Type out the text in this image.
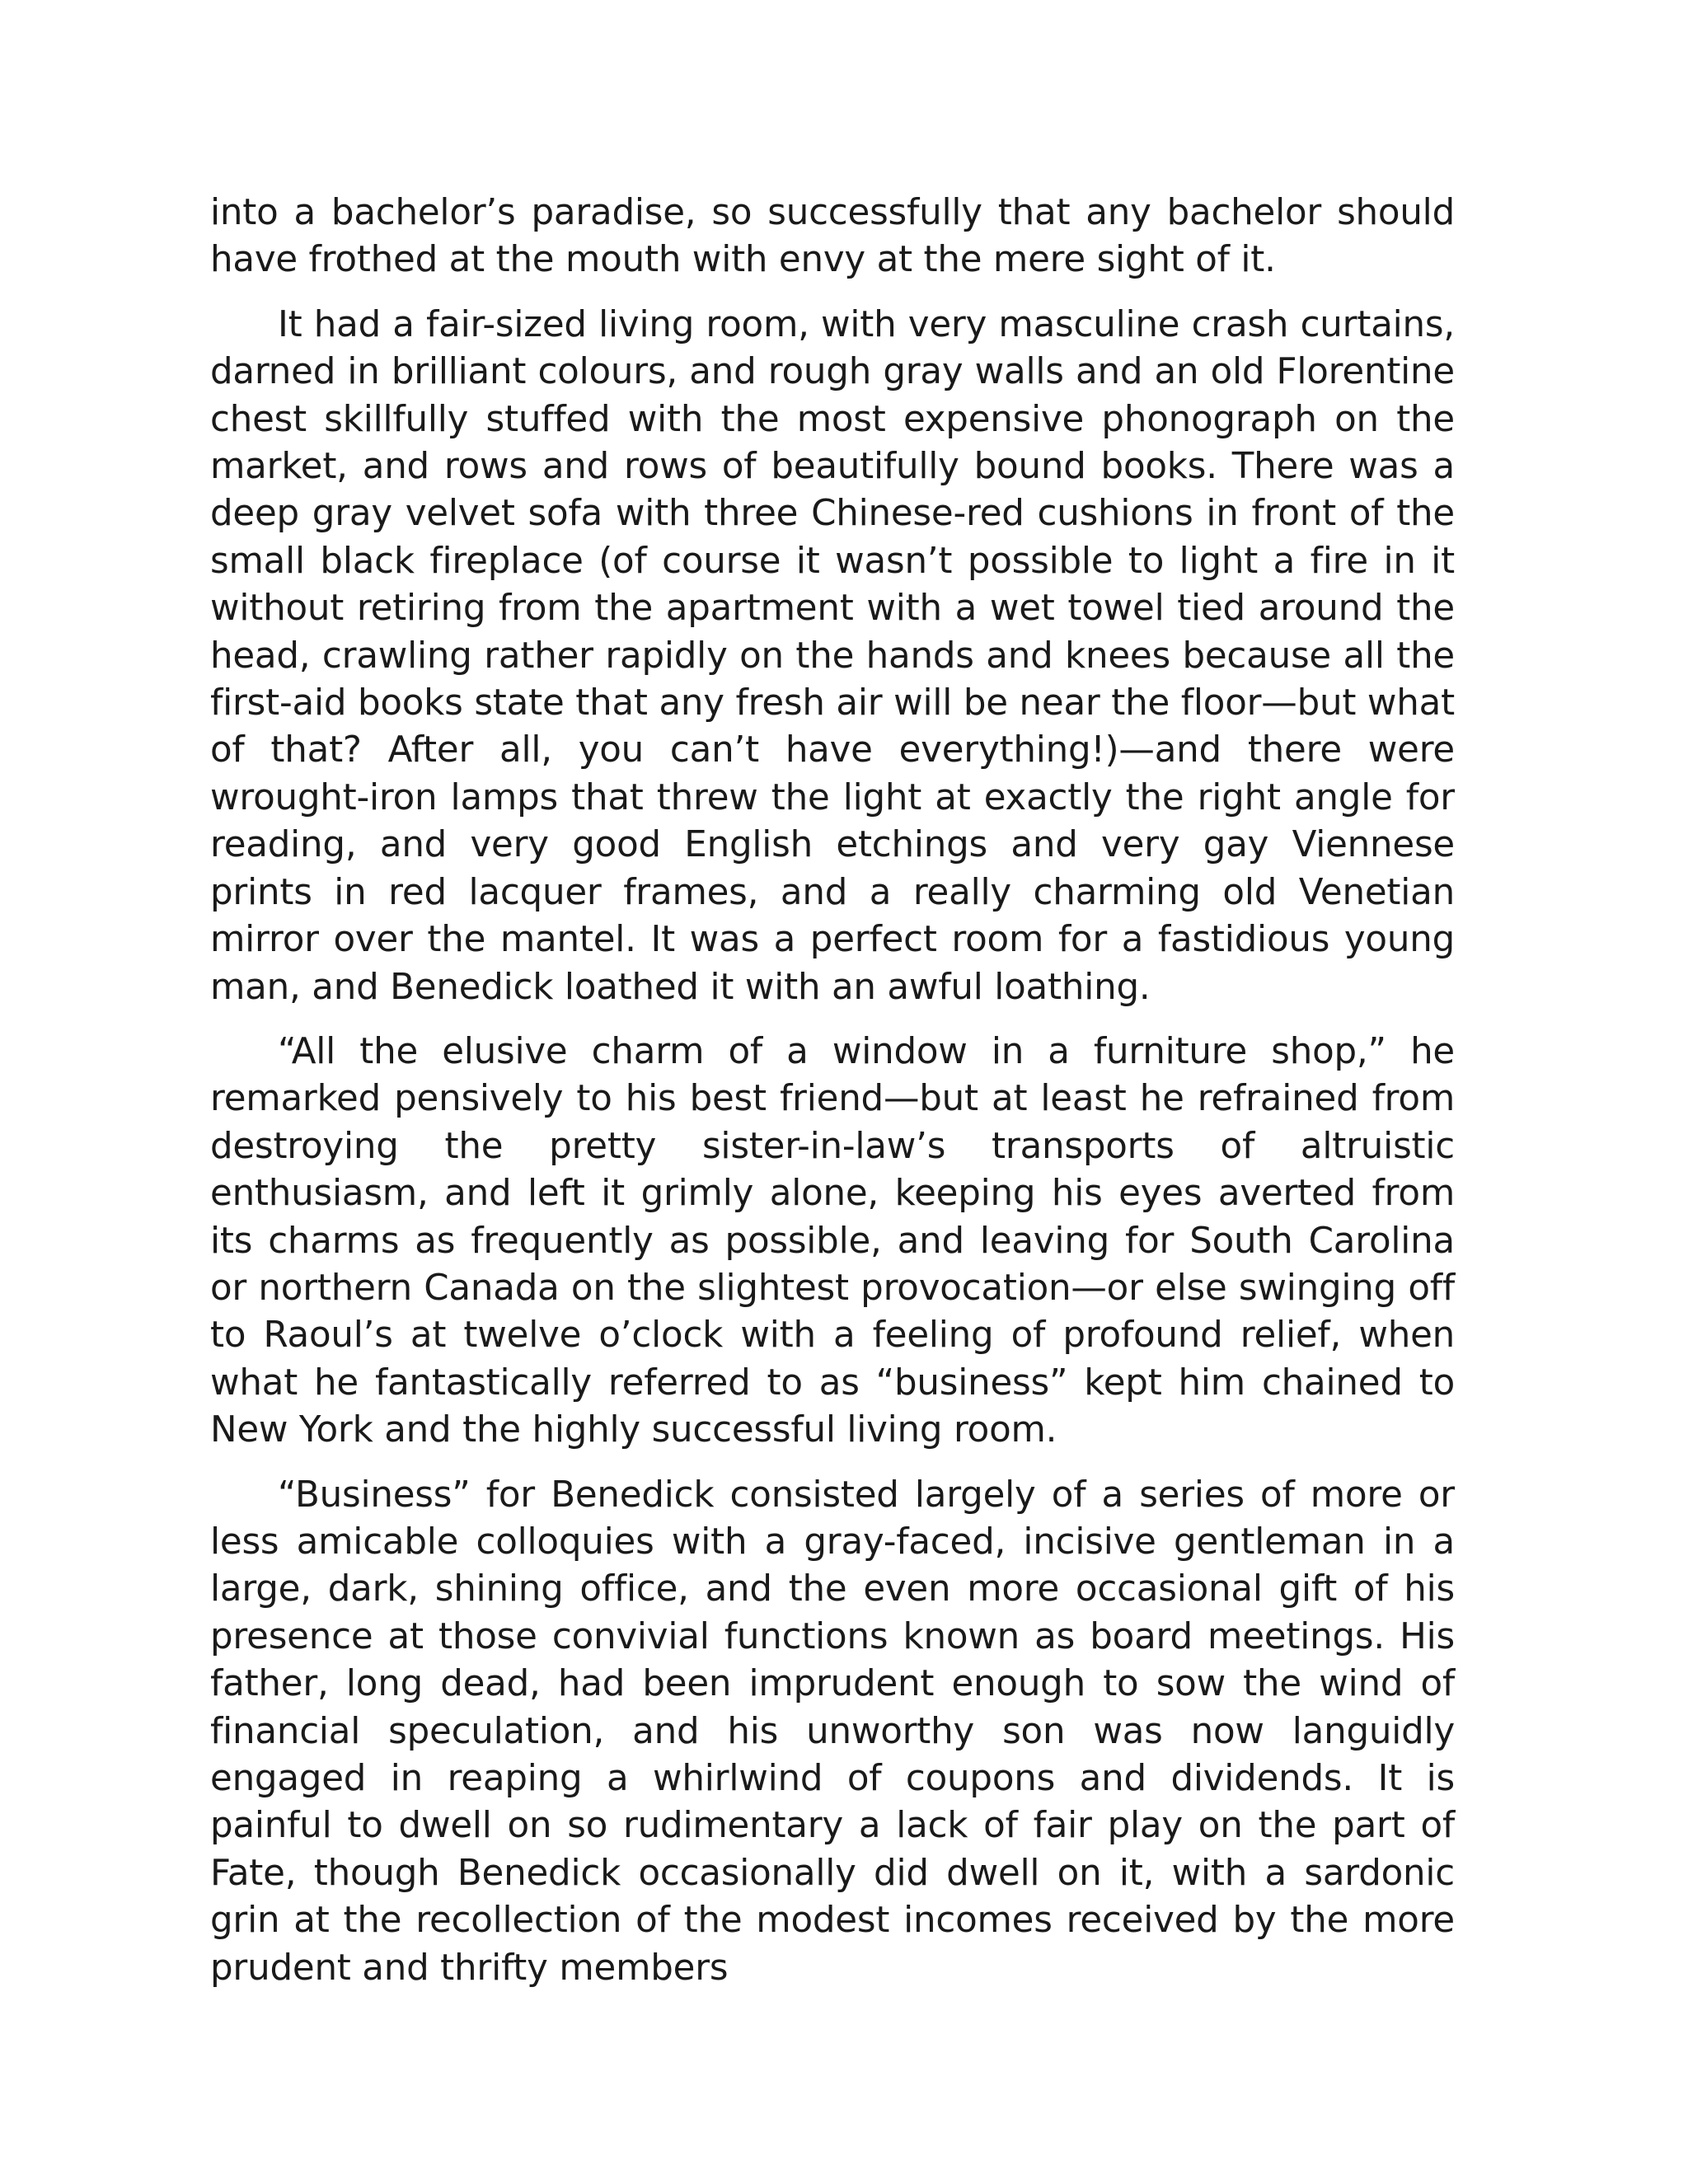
into a bachelor’s paradise, so successfully that any bachelor should have frothed at the mouth with envy at the mere sight of it.

It had a fair-sized living room, with very masculine crash curtains, darned in brilliant colours, and rough gray walls and an old Florentine chest skillfully stuffed with the most expensive phonograph on the market, and rows and rows of beautifully bound books. There was a deep gray velvet sofa with three Chinese-red cushions in front of the small black fireplace (of course it wasn’t possible to light a fire in it without retiring from the apartment with a wet towel tied around the head, crawling rather rapidly on the hands and knees because all the first-aid books state that any fresh air will be near the floor—but what of that? After all, you can’t have everything!)—and there were wrought-iron lamps that threw the light at exactly the right angle for reading, and very good English etchings and very gay Viennese prints in red lacquer frames, and a really charming old Venetian mirror over the mantel. It was a perfect room for a fastidious young man, and Benedick loathed it with an awful loathing.

“All the elusive charm of a window in a furniture shop,” he remarked pensively to his best friend—but at least he refrained from destroying the pretty sister-in-law’s transports of altruistic enthusiasm, and left it grimly alone, keeping his eyes averted from its charms as frequently as possible, and leaving for South Carolina or northern Canada on the slightest provocation—or else swinging off to Raoul’s at twelve o’clock with a feeling of profound relief, when what he fantastically referred to as “business” kept him chained to New York and the highly successful living room.

“Business” for Benedick consisted largely of a series of more or less amicable colloquies with a gray-faced, incisive gentleman in a large, dark, shining office, and the even more occasional gift of his presence at those convivial functions known as board meetings. His father, long dead, had been imprudent enough to sow the wind of financial speculation, and his unworthy son was now languidly engaged in reaping a whirlwind of coupons and dividends. It is painful to dwell on so rudimentary a lack of fair play on the part of Fate, though Benedick occasionally did dwell on it, with a sardonic grin at the recollection of the modest incomes received by the more prudent and thrifty members
